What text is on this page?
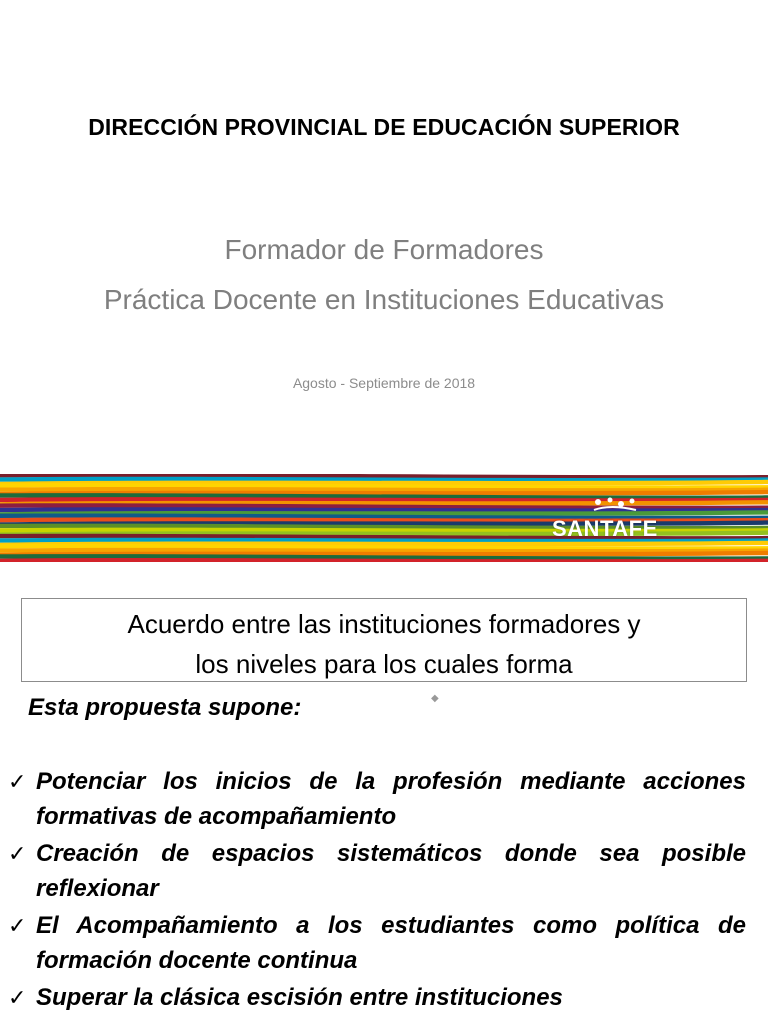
DIRECCIÓN PROVINCIAL DE EDUCACIÓN SUPERIOR
Formador de Formadores
Práctica Docente en Instituciones Educativas
Agosto - Septiembre de 2018
SANTAFE
Acuerdo entre las instituciones formadores y
los niveles para los cuales forma
◆
Esta propuesta supone:
✓ Potenciar los inicios de la profesión mediante acciones formativas de acompañamiento
✓ Creación de espacios sistemáticos donde sea posible reflexionar
✓ El Acompañamiento a los estudiantes como política de formación docente continua
✓ Superar la clásica escisión entre instituciones
